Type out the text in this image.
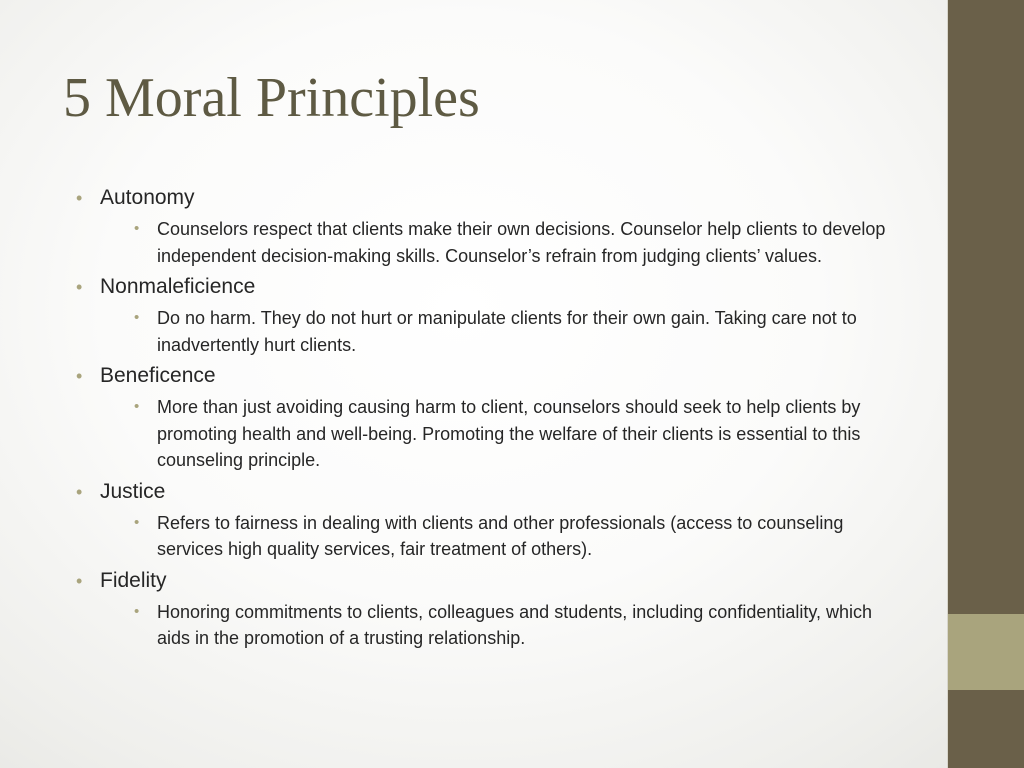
5 Moral Principles
• Autonomy
• Counselors respect that clients make their own decisions. Counselor help clients to develop independent decision-making skills. Counselor’s refrain from judging clients’ values.
• Nonmaleficience
• Do no harm. They do not hurt or manipulate clients for their own gain. Taking care not to inadvertently hurt clients.
• Beneficence
• More than just avoiding causing harm to client, counselors should seek to help clients by promoting health and well-being. Promoting the welfare of their clients is essential to this counseling principle.
• Justice
• Refers to fairness in dealing with clients and other professionals (access to counseling services high quality services, fair treatment of others).
• Fidelity
• Honoring commitments to clients, colleagues and students, including confidentiality, which aids in the promotion of a trusting relationship.
